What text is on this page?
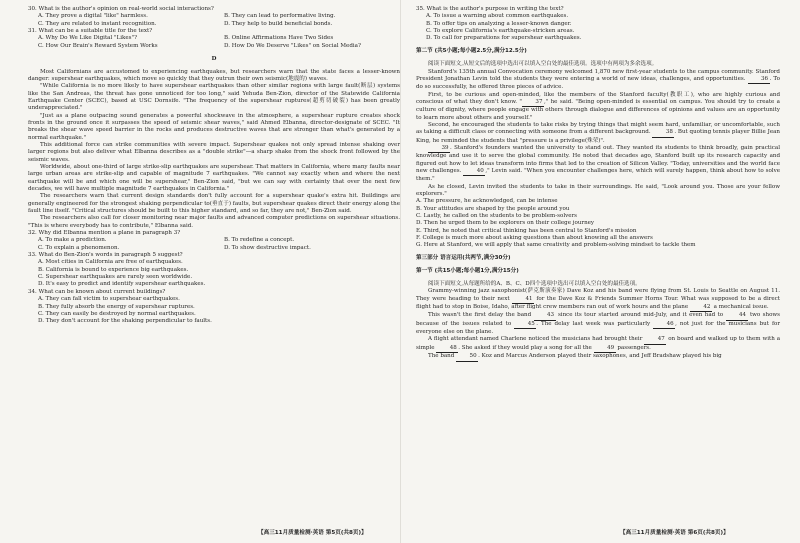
30. What is the author's opinion on real-world social interactions?

A. They prove a digital "like" harmless.	B. They can lead to performative living.

C. They are related to instant recognition.	D. They help to build beneficial bonds.

31. What can be a suitable title for the text?

A. Why Do We Like Digital "Likes"?	B. Online Affirmations Have Two Sides

C. How Our Brain's Reward System Works	D. How Do We Deserve "Likes" on Social Media?

D

Most Californians are accustomed to experiencing earthquakes, but researchers warn that the state faces a lesser-known danger: supershear earthquakes, which move so quickly that they outrun their own seismic(地震的) waves.

"While California is no more likely to have supershear earthquakes than other similar regions with large fault(断层) systems like the San Andreas, the threat has gone unnoticed for too long," said Yehuda Ben-Zion, director of the Statewide California Earthquake Center (SCEC), based at USC Dornsife. "The frequency of the supershear ruptures(超剪切破裂) has been greatly underappreciated."

"Just as a plane outpacing sound generates a powerful shockwave in the atmosphere, a supershear rupture creates shock fronts in the ground once it surpasses the speed of seismic shear waves," said Ahmed Elbanna, director-designate of SCEC. "It breaks the shear wave speed barrier in the rocks and produces destructive waves that are stronger than what's generated by a normal earthquake."

This additional force can strike communities with severe impact. Supershear quakes not only spread intense shaking over larger regions but also deliver what Elbanna describes as a "double strike"—a sharp shake from the shock front followed by the seismic waves.

Worldwide, about one-third of large strike-slip earthquakes are supershear. That matters in California, where many faults near large urban areas are strike-slip and capable of magnitude 7 earthquakes. "We cannot say exactly when and where the next earthquake will be and which one will be supershear," Ben-Zion said, "but we can say with certainty that over the next few decades, we will have multiple magnitude 7 earthquakes in California."

The researchers warn that current design standards don't fully account for a supershear quake's extra hit. Buildings are generally engineered for the strongest shaking perpendicular to(垂直于) faults, but supershear quakes direct their energy along the fault line itself. "Critical structures should be built to this higher standard, and so far, they are not," Ben-Zion said.

The researchers also call for closer monitoring near major faults and advanced computer predictions on supershear situations. "This is where everybody has to contribute," Elbanna said.

32. Why did Elbanna mention a plane in paragraph 3?

A. To make a prediction.	B. To redefine a concept.

C. To explain a phenomenon.	D. To show destructive impact.

33. What do Ben-Zion's words in paragraph 5 suggest?

A. Most cities in California are free of earthquakes.

B. California is bound to experience big earthquakes.

C. Supershear earthquakes are rarely seen worldwide.

D. It's easy to predict and identify supershear earthquakes.

34. What can be known about current buildings?

A. They can fall victim to supershear earthquakes.

B. They fully absorb the energy of supershear ruptures.

C. They can easily be destroyed by normal earthquakes.

D. They don't account for the shaking perpendicular to faults.

35. What is the author's purpose in writing the text?

A. To issue a warning about common earthquakes.

B. To offer tips on analyzing a lesser-known danger.

C. To explore California's earthquake-stricken areas.

D. To call for preparations for supershear earthquakes.

第二节 (共5小题;每小题2.5分,满分12.5分)

阅读下面短文,从短文后的选项中选出可以填入空白处的最佳选项。选项中有两项为多余选项。

Stanford's 135th annual Convocation ceremony welcomed 1,870 new first-year students to the campus community. Stanford President Jonathan Levin told the students they were entering a world of new ideas, challenges, and opportunities.	36. To do so successfully, he offered three pieces of advice.

First, to be curious and open-minded, like the members of the Stanford faculty(教职工), who are highly curious and conscious of what they don't know. " 37," he said. "Being open-minded is essential on campus. You should try to create a culture of dignity, where people engage with others through dialogue and differences of opinions and values are an opportunity to learn more about others and yourself."

Second, he encouraged the students to take risks by trying things that might seem hard, unfamiliar, or uncomfortable, such as taking a difficult class or connecting with someone from a different background.	38. But quoting tennis player Billie Jean King, he reminded the students that "pressure is a privilege(殊荣)".

39. Stanford's founders wanted the university to stand out. They wanted its students to think broadly, gain practical knowledge and use it to serve the global community. He noted that decades ago, Stanford built up its research capacity and figured out how to let ideas transform into firms that led to the creation of Silicon Valley. "Today, universities and the world face new challenges.	40," Levin said. "When you encounter challenges here, which will surely happen, think about how to solve them."

As he closed, Levin invited the students to take in their surroundings. He said, "Look around you. Those are your fellow explorers."

A. The pressure, he acknowledged, can be intense

B. Your attitudes are shaped by the people around you

C. Lastly, he called on the students to be problem-solvers

D. Then he urged them to be explorers on their college journey

E. Third, he noted that critical thinking has been central to Stanford's mission

F. College is much more about asking questions than about knowing all the answers

G. Here at Stanford, we will apply that same creativity and problem-solving mindset to tackle them

第三部分 语言运用(共两节,满分30分)

第一节 (共15小题;每小题1分,满分15分)

阅读下面短文,从每题所给的A、B、C、D四个选项中选出可以填入空白处的最佳选项。

Grammy-winning jazz saxophonist(萨克斯演奏家) Dave Koz and his band were flying from St. Louis to Seattle on August 11. They were heading to their next	41 for the Dave Koz & Friends Summer Horns Tour. What was supposed to be a direct flight had to stop in Boise, Idaho, after flight crew members ran out of work hours and the plane	42 a mechanical issue.

This wasn't the first delay the band	43 since its tour started around mid-July, and it even had to	44 two shows because of the issues related to	45. The delay last week was particularly	46, not just for the musicians but for everyone else on the plane.

A flight attendant named Charlene noticed the musicians had brought their	47 on board and walked up to them with a simple	48. She asked if they would play a song for all the	49 passengers.

The band	50. Koz and Marcus Anderson played their saxophones, and Jeff Bradshaw played his big

【高三11月质量检测·英语 第5页(共8页)】	【高三11月质量检测·英语 第6页(共8页)】
